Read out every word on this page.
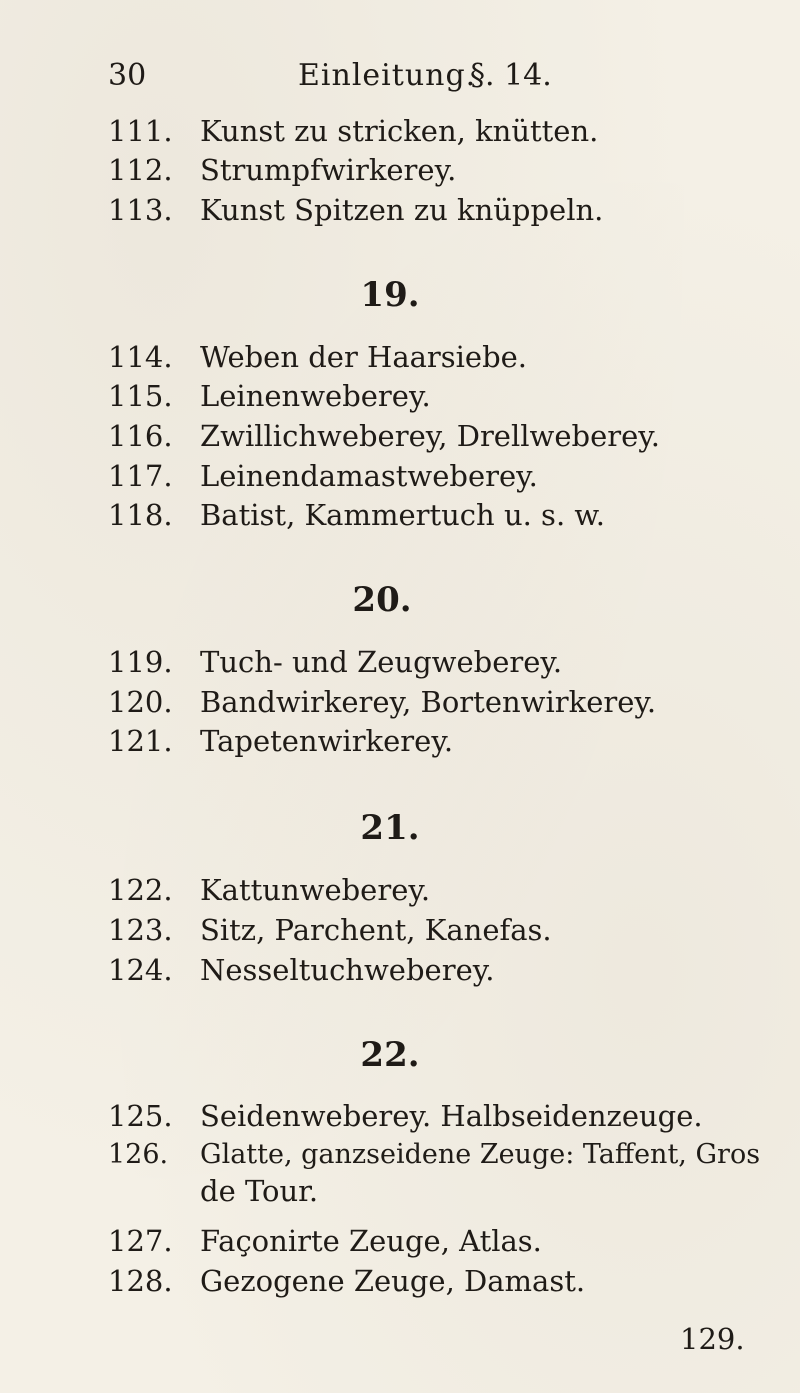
30	Einleitung.
§. 14.
111. Kunst zu stricken, knütten.
112. Strumpfwirkerey.
113. Kunst Spitzen zu knüppeln.
19.
114. Weben der Haarsiebe.
115. Leinenweberey.
116. Zwillichweberey, Drellweberey.
117. Leinendamastweberey.
118. Batist, Kammertuch u. s. w.
20.
119. Tuch- und Zeugweberey.
120. Bandwirkerey, Bortenwirkerey.
121. Tapetenwirkerey.
21.
122. Kattunweberey.
123. Sitz, Parchent, Kanefas.
124. Nesseltuchweberey.
22.
125. Seidenweberey. Halbseidenzeuge.
126. Glatte, ganzseidene Zeuge: Taffent, Gros
de Tour.
127. Façonirte Zeuge, Atlas.
128. Gezogene Zeuge, Damast.
129.
